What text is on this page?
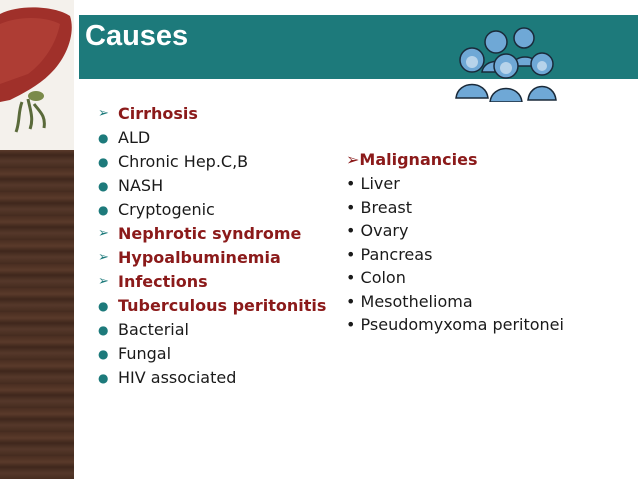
Causes
➢ Cirrhosis
● ALD
● Chronic Hep.C,B
● NASH
● Cryptogenic
➢ Nephrotic syndrome
➢ Hypoalbuminemia
➢ Infections
● Tuberculous peritonitis
● Bacterial
● Fungal
● HIV associated
➢Malignancies
• Liver
• Breast
• Ovary
• Pancreas
• Colon
• Mesothelioma
• Pseudomyxoma peritonei
